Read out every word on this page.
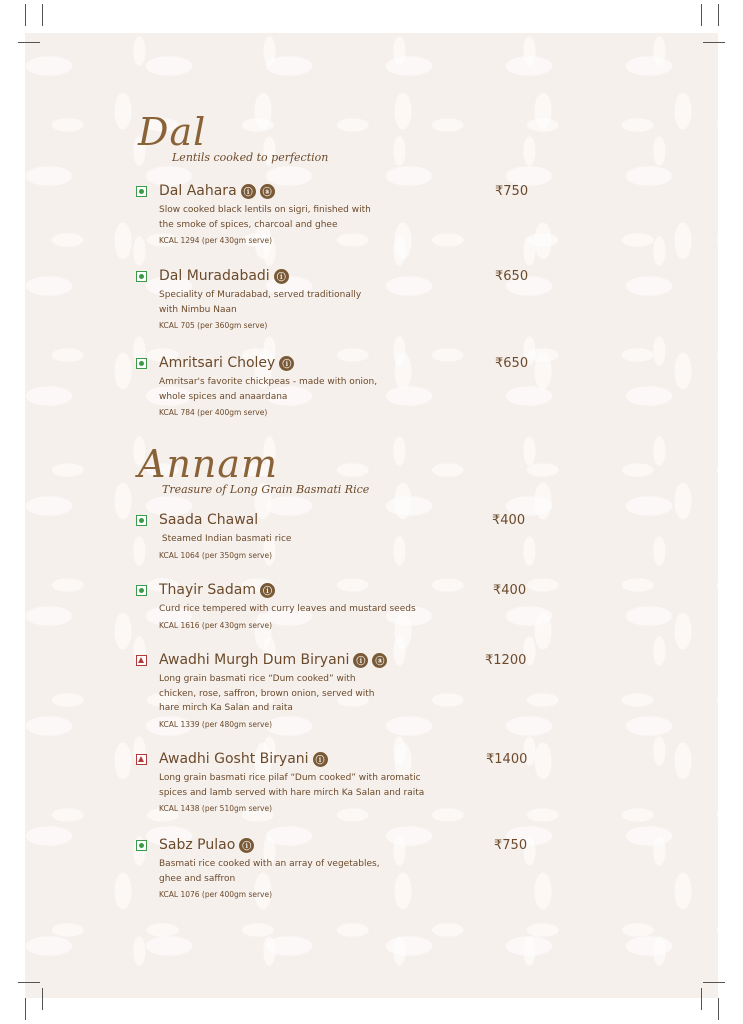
Dal
Lentils cooked to perfection
Dal Aahara ⓘ	ⓐ	₹750
Slow cooked black lentils on sigri, finished with
the smoke of spices, charcoal and ghee
KCAL 1294 (per 430gm serve)
Dal Muradabadi ⓘ	₹650
Speciality of Muradabad, served traditionally
with Nimbu Naan
KCAL 705 (per 360gm serve)
Amritsari Choley ⓘ	₹650
Amritsar's favorite chickpeas - made with onion,
whole spices and anaardana
KCAL 784 (per 400gm serve)
Annam
Treasure of Long Grain Basmati Rice
Saada Chawal	₹400
Steamed Indian basmati rice
KCAL 1064 (per 350gm serve)
Thayir Sadam ⓘ	₹400
Curd rice tempered with curry leaves and mustard seeds
KCAL 1616 (per 430gm serve)
Awadhi Murgh Dum Biryani ⓘ	ⓐ	₹1200
Long grain basmati rice “Dum cooked” with
chicken, rose, saffron, brown onion, served with
hare mirch Ka Salan and raita
KCAL 1339 (per 480gm serve)
Awadhi Gosht Biryani ⓘ	₹1400
Long grain basmati rice pilaf “Dum cooked” with aromatic
spices and lamb served with hare mirch Ka Salan and raita
KCAL 1438 (per 510gm serve)
Sabz Pulao ⓘ	₹750
Basmati rice cooked with an array of vegetables,
ghee and saffron
KCAL 1076 (per 400gm serve)
